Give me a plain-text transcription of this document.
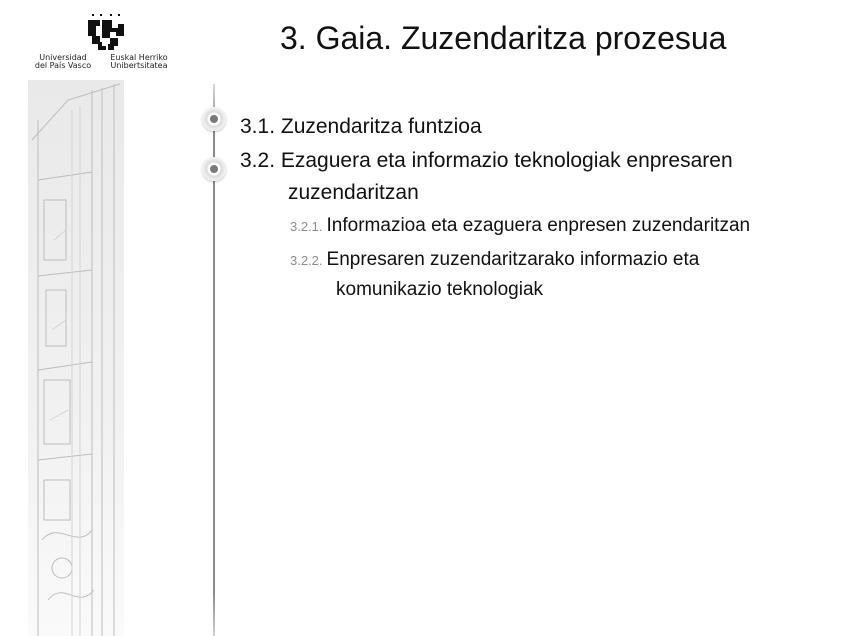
Universidad
del País Vasco
Euskal Herriko
Unibertsitatea
3. Gaia. Zuzendaritza prozesua
3.1. Zuzendaritza funtzioa
3.2. Ezaguera eta informazio teknologiak enpresaren
zuzendaritzan
3.2.1. Informazioa eta ezaguera enpresen zuzendaritzan
3.2.2. Enpresaren zuzendaritzarako informazio eta
komunikazio teknologiak
